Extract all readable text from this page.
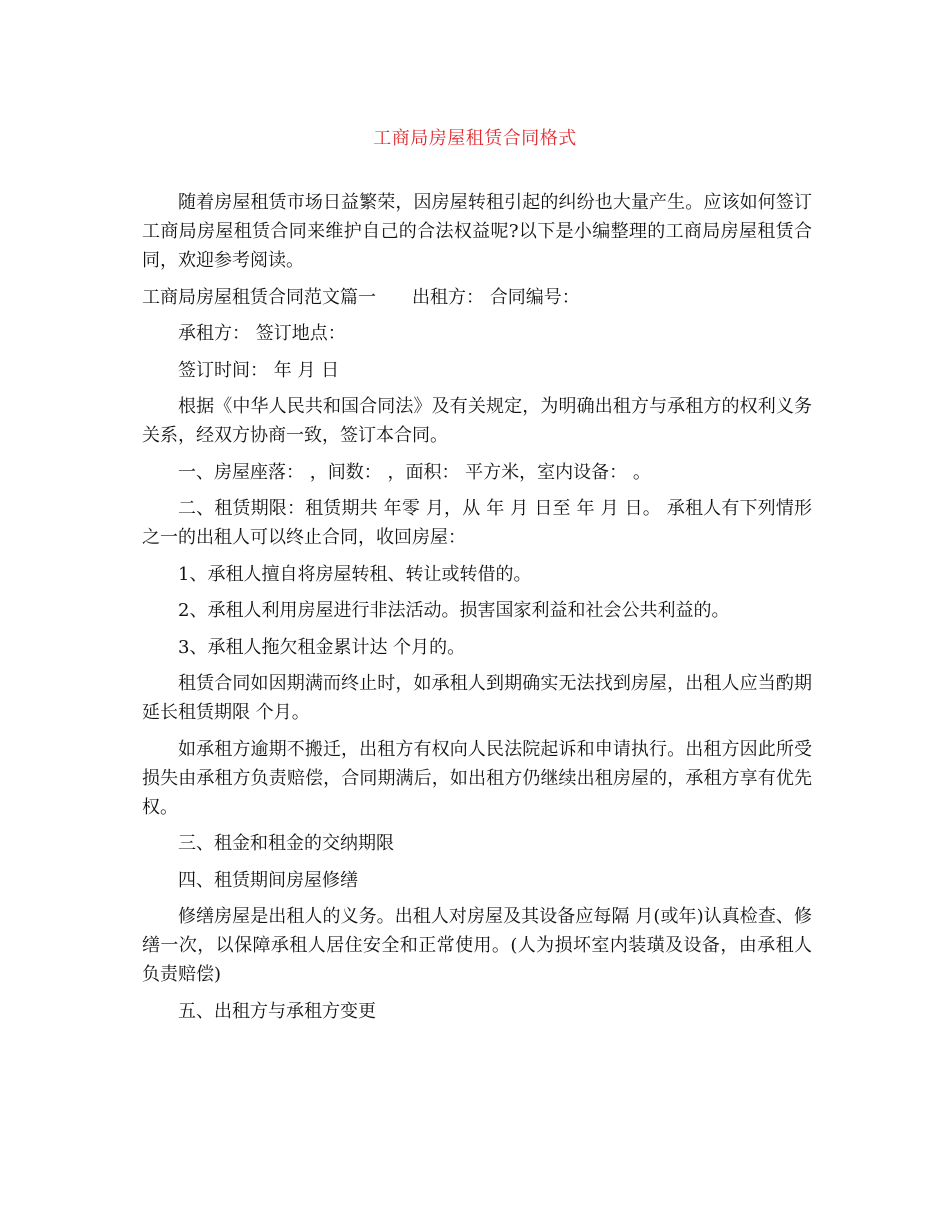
工商局房屋租赁合同格式

随着房屋租赁市场日益繁荣，因房屋转租引起的纠纷也大量产生。应该如何签订工商局房屋租赁合同来维护自己的合法权益呢?以下是小编整理的工商局房屋租赁合同，欢迎参考阅读。

工商局房屋租赁合同范文篇一　　出租方： 合同编号：

承租方： 签订地点：

签订时间： 年 月 日

根据《中华人民共和国合同法》及有关规定，为明确出租方与承租方的权利义务关系，经双方协商一致，签订本合同。

一、房屋座落： ，间数： ，面积： 平方米，室内设备： 。

二、租赁期限：租赁期共 年零 月，从 年 月 日至 年 月 日。 承租人有下列情形之一的出租人可以终止合同，收回房屋：

1、承租人擅自将房屋转租、转让或转借的。

2、承租人利用房屋进行非法活动。损害国家利益和社会公共利益的。

3、承租人拖欠租金累计达 个月的。

租赁合同如因期满而终止时，如承租人到期确实无法找到房屋，出租人应当酌期延长租赁期限 个月。

如承租方逾期不搬迁，出租方有权向人民法院起诉和申请执行。出租方因此所受损失由承租方负责赔偿，合同期满后，如出租方仍继续出租房屋的，承租方享有优先权。

三、租金和租金的交纳期限

四、租赁期间房屋修缮

修缮房屋是出租人的义务。出租人对房屋及其设备应每隔 月(或年)认真检查、修缮一次，以保障承租人居住安全和正常使用。(人为损坏室内装璜及设备，由承租人负责赔偿)

五、出租方与承租方变更
